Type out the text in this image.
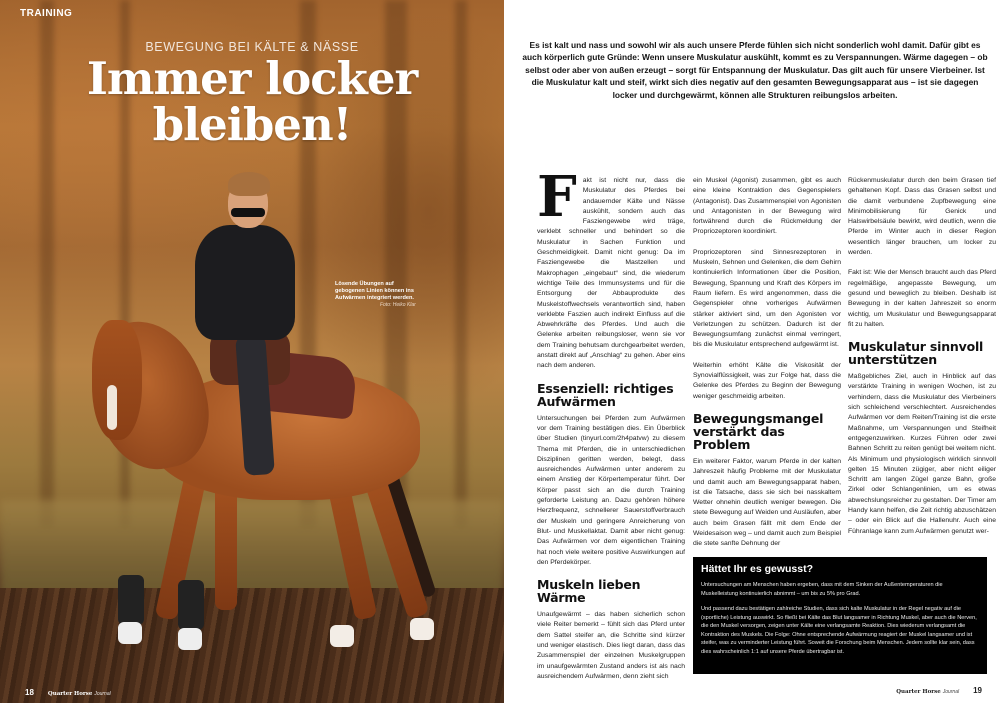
TRAINING
BEWEGUNG BEI KÄLTE & NÄSSE
Immer locker
bleiben!
Lösende Übungen auf gebogenen Linien können ins Aufwärmen integriert werden.
Foto: Heiko Klar
18	Quarter Horse Journal

Es ist kalt und nass und sowohl wir als auch unsere Pferde fühlen sich nicht sonderlich wohl damit. Dafür gibt es auch körperlich gute Gründe: Wenn unsere Muskulatur auskühlt, kommt es zu Verspannungen. Wärme dagegen – ob selbst oder aber von außen erzeugt – sorgt für Entspannung der Muskulatur. Das gilt auch für unsere Vierbeiner. Ist die Muskulatur kalt und steif, wirkt sich dies negativ auf den gesamten Bewegungsapparat aus – ist sie dagegen locker und durchgewärmt, können alle Strukturen reibungslos arbeiten.

F akt ist nicht nur, dass die Muskulatur des Pferdes bei andauernder Kälte und Nässe auskühlt, sondern auch das Fasziengewebe wird träge, verklebt schneller und behindert so die Muskulatur in Sachen Funktion und Geschmeidigkeit. Damit nicht genug: Da im Fasziengewebe die Mastzellen und Makrophagen „eingebaut“ sind, die wiederum wichtige Teile des Immunsystems und für die Entsorgung der Abbauprodukte des Muskelstoffwechsels verantwortlich sind, haben verklebte Faszien auch indirekt Einfluss auf die Abwehrkräfte des Pferdes. Und auch die Gelenke arbeiten reibungsloser, wenn sie vor dem Training behutsam durchgearbeitet werden, anstatt direkt auf „Anschlag“ zu gehen. Aber eins nach dem anderen.

Essenziell: richtiges Aufwärmen

Untersuchungen bei Pferden zum Aufwärmen vor dem Training bestätigen dies. Ein Überblick über Studien (tinyurl.com/2h4patvw) zu diesem Thema mit Pferden, die in unterschiedlichen Disziplinen geritten werden, belegt, dass ausreichendes Aufwärmen unter anderem zu einem Anstieg der Körpertemperatur führt. Der Körper passt sich an die durch Training geforderte Leistung an. Dazu gehören höhere Herzfrequenz, schnellerer Sauerstoffverbrauch der Muskeln und geringere Anreicherung von Blut- und Muskellaktat. Damit aber nicht genug: Das Aufwärmen vor dem eigentlichen Training hat noch viele weitere positive Auswirkungen auf den Pferdekörper.

Muskeln lieben Wärme

Unaufgewärmt – das haben sicherlich schon viele Reiter bemerkt – fühlt sich das Pferd unter dem Sattel steifer an, die Schritte sind kürzer und weniger elastisch. Dies liegt daran, dass das Zusammenspiel der einzelnen Muskelgruppen im unaufgewärmten Zustand anders ist als nach ausreichendem Aufwärmen, denn zieht sich

ein Muskel (Agonist) zusammen, gibt es auch eine kleine Kontraktion des Gegenspielers (Antagonist). Das Zusammenspiel von Agonisten und Antagonisten in der Bewegung wird fortwährend durch die Rückmeldung der Propriozeptoren koordiniert.

Propriozeptoren sind Sinnesrezeptoren in Muskeln, Sehnen und Gelenken, die dem Gehirn kontinuierlich Informationen über die Position, Bewegung, Spannung und Kraft des Körpers im Raum liefern. Es wird angenommen, dass die Gegenspieler ohne vorheriges Aufwärmen stärker aktiviert sind, um den Agonisten vor Verletzungen zu schützen. Dadurch ist der Bewegungsumfang zunächst einmal verringert, bis die Muskulatur entsprechend aufgewärmt ist.

Weiterhin erhöht Kälte die Viskosität der Synovialflüssigkeit, was zur Folge hat, dass die Gelenke des Pferdes zu Beginn der Bewegung weniger geschmeidig arbeiten.

Bewegungsmangel verstärkt das Problem

Ein weiterer Faktor, warum Pferde in der kalten Jahreszeit häufig Probleme mit der Muskulatur und damit auch am Bewegungsapparat haben, ist die Tatsache, dass sie sich bei nasskaltem Wetter ohnehin deutlich weniger bewegen. Die stete Bewegung auf Weiden und Ausläufen, aber auch beim Grasen fällt mit dem Ende der Weidesaison weg – und damit auch zum Beispiel die stete sanfte Dehnung der

Rückenmuskulatur durch den beim Grasen tief gehaltenen Kopf. Dass das Grasen selbst und die damit verbundene Zupfbewegung eine Minimobilisierung für Genick und Halswirbelsäule bewirkt, wird deutlich, wenn die Pferde im Winter auch in dieser Region wesentlich länger brauchen, um locker zu werden.

Fakt ist: Wie der Mensch braucht auch das Pferd regelmäßige, angepasste Bewegung, um gesund und beweglich zu bleiben. Deshalb ist Bewegung in der kalten Jahreszeit so enorm wichtig, um Muskulatur und Bewegungsapparat fit zu halten.

Muskulatur sinnvoll unterstützen

Maßgebliches Ziel, auch in Hinblick auf das verstärkte Training in wenigen Wochen, ist zu verhindern, dass die Muskulatur des Vierbeiners sich schleichend verschlechtert. Ausreichendes Aufwärmen vor dem Reiten/Training ist die erste Maßnahme, um Verspannungen und Steifheit entgegenzuwirken. Kurzes Führen oder zwei Bahnen Schritt zu reiten genügt bei weitem nicht. Als Minimum und physiologisch wirklich sinnvoll gelten 15 Minuten zügiger, aber nicht eiliger Schritt am langen Zügel ganze Bahn, große Zirkel oder Schlangenlinien, um es etwas abwechslungsreicher zu gestalten. Der Timer am Handy kann helfen, die Zeit richtig abzuschätzen – oder ein Blick auf die Hallenuhr. Auch eine Führanlage kann zum Aufwärmen genutzt wer-

Hättet Ihr es gewusst?

Untersuchungen am Menschen haben ergeben, dass mit dem Sinken der Außentemperaturen die Muskelleistung kontinuierlich abnimmt – um bis zu 5% pro Grad.

Und passend dazu bestätigen zahlreiche Studien, dass sich kalte Muskulatur in der Regel negativ auf die (sportliche) Leistung auswirkt. So fließt bei Kälte das Blut langsamer in Richtung Muskel, aber auch die Nerven, die den Muskel versorgen, zeigen unter Kälte eine verlangsamte Reaktion. Dies wiederum verlangsamt die Kontraktion des Muskels. Die Folge: Ohne entsprechende Aufwärmung reagiert der Muskel langsamer und ist steifer, was zu verminderter Leistung führt. Soweit die Forschung beim Menschen. Jedem sollte klar sein, dass dies wahrscheinlich 1:1 auf unsere Pferde übertragbar ist.

Quarter Horse Journal 19
